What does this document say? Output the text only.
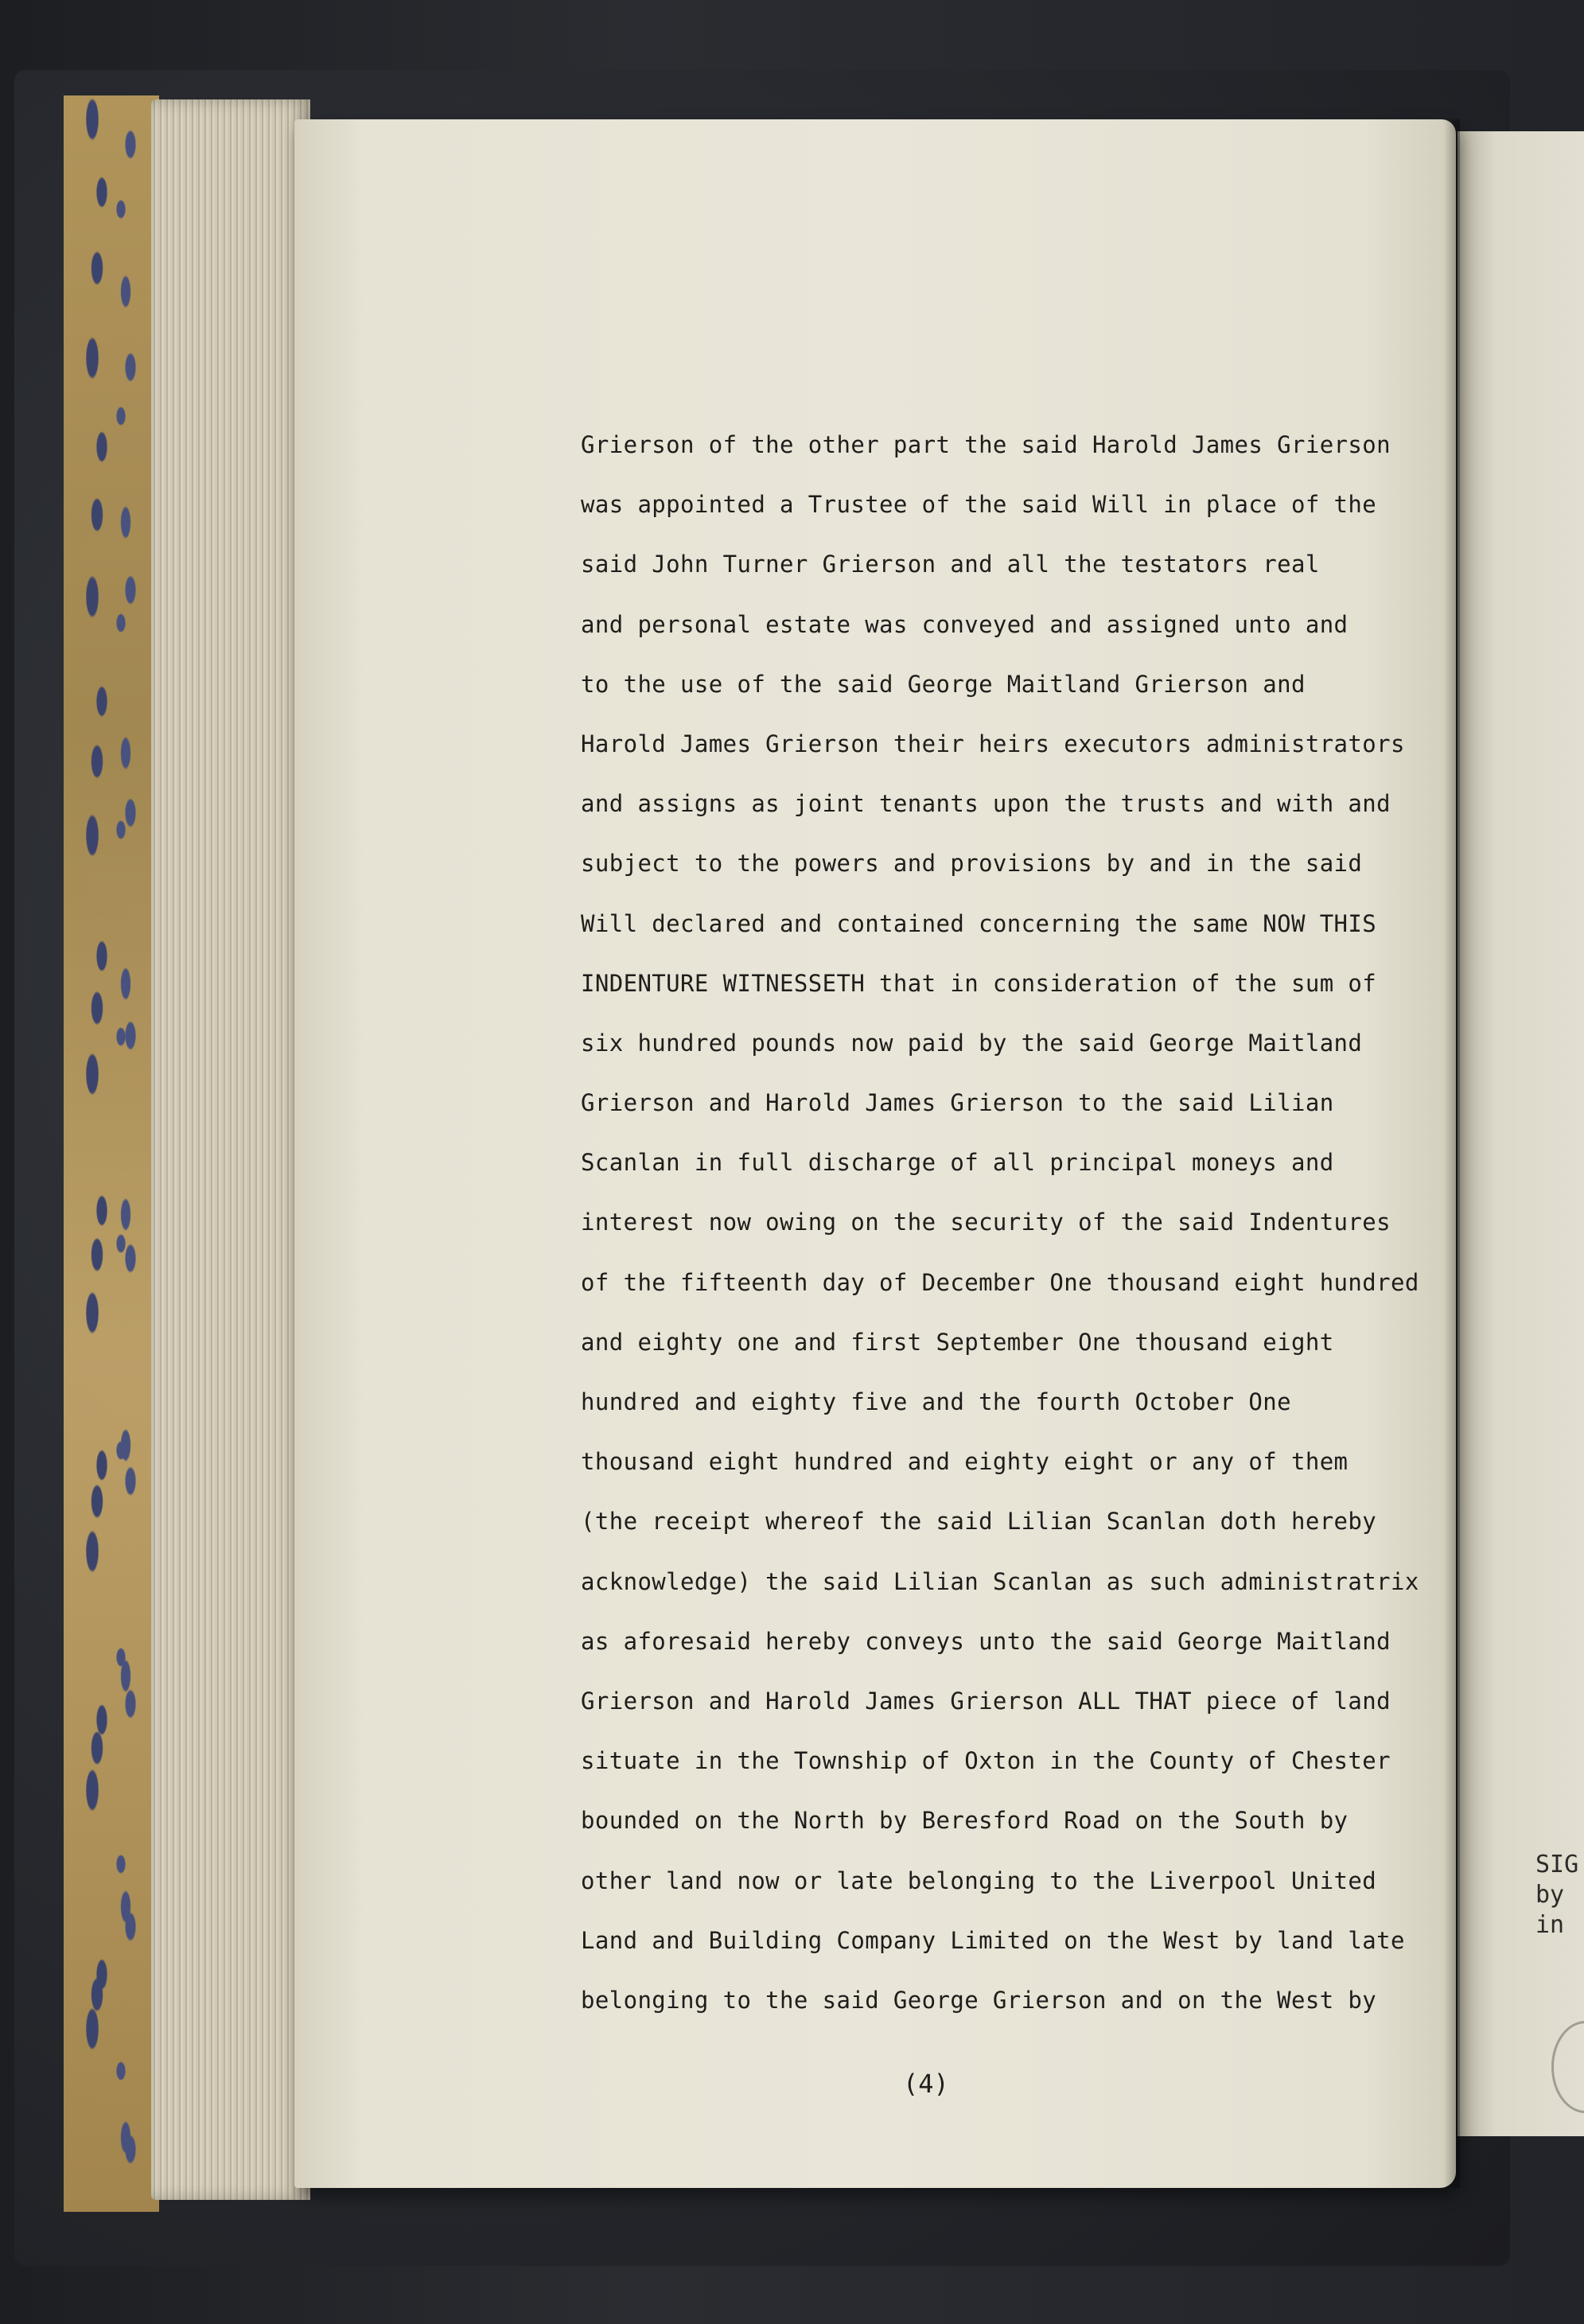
Grierson of the other part the said Harold James Grierson
was appointed a Trustee of the said Will in place of the
said John Turner Grierson and all the testators real
and personal estate was conveyed and assigned unto and
to the use of the said George Maitland Grierson and
Harold James Grierson their heirs executors administrators
and assigns as joint tenants upon the trusts and with and
subject to the powers and provisions by and in the said
Will declared and contained concerning the same NOW THIS
INDENTURE WITNESSETH that in consideration of the sum of
six hundred pounds now paid by the said George Maitland
Grierson and Harold James Grierson to the said Lilian
Scanlan in full discharge of all principal moneys and
interest now owing on the security of the said Indentures
of the fifteenth day of December One thousand eight hundred
and eighty one and first September One thousand eight
hundred and eighty five and the fourth October One
thousand eight hundred and eighty eight or any of them
(the receipt whereof the said Lilian Scanlan doth hereby
acknowledge) the said Lilian Scanlan as such administratrix
as aforesaid hereby conveys unto the said George Maitland
Grierson and Harold James Grierson ALL THAT piece of land
situate in the Township of Oxton in the County of Chester
bounded on the North by Beresford Road on the South by
other land now or late belonging to the Liverpool United
Land and Building Company Limited on the West by land late
belonging to the said George Grierson and on the West by
(4)
SIG
by
in
